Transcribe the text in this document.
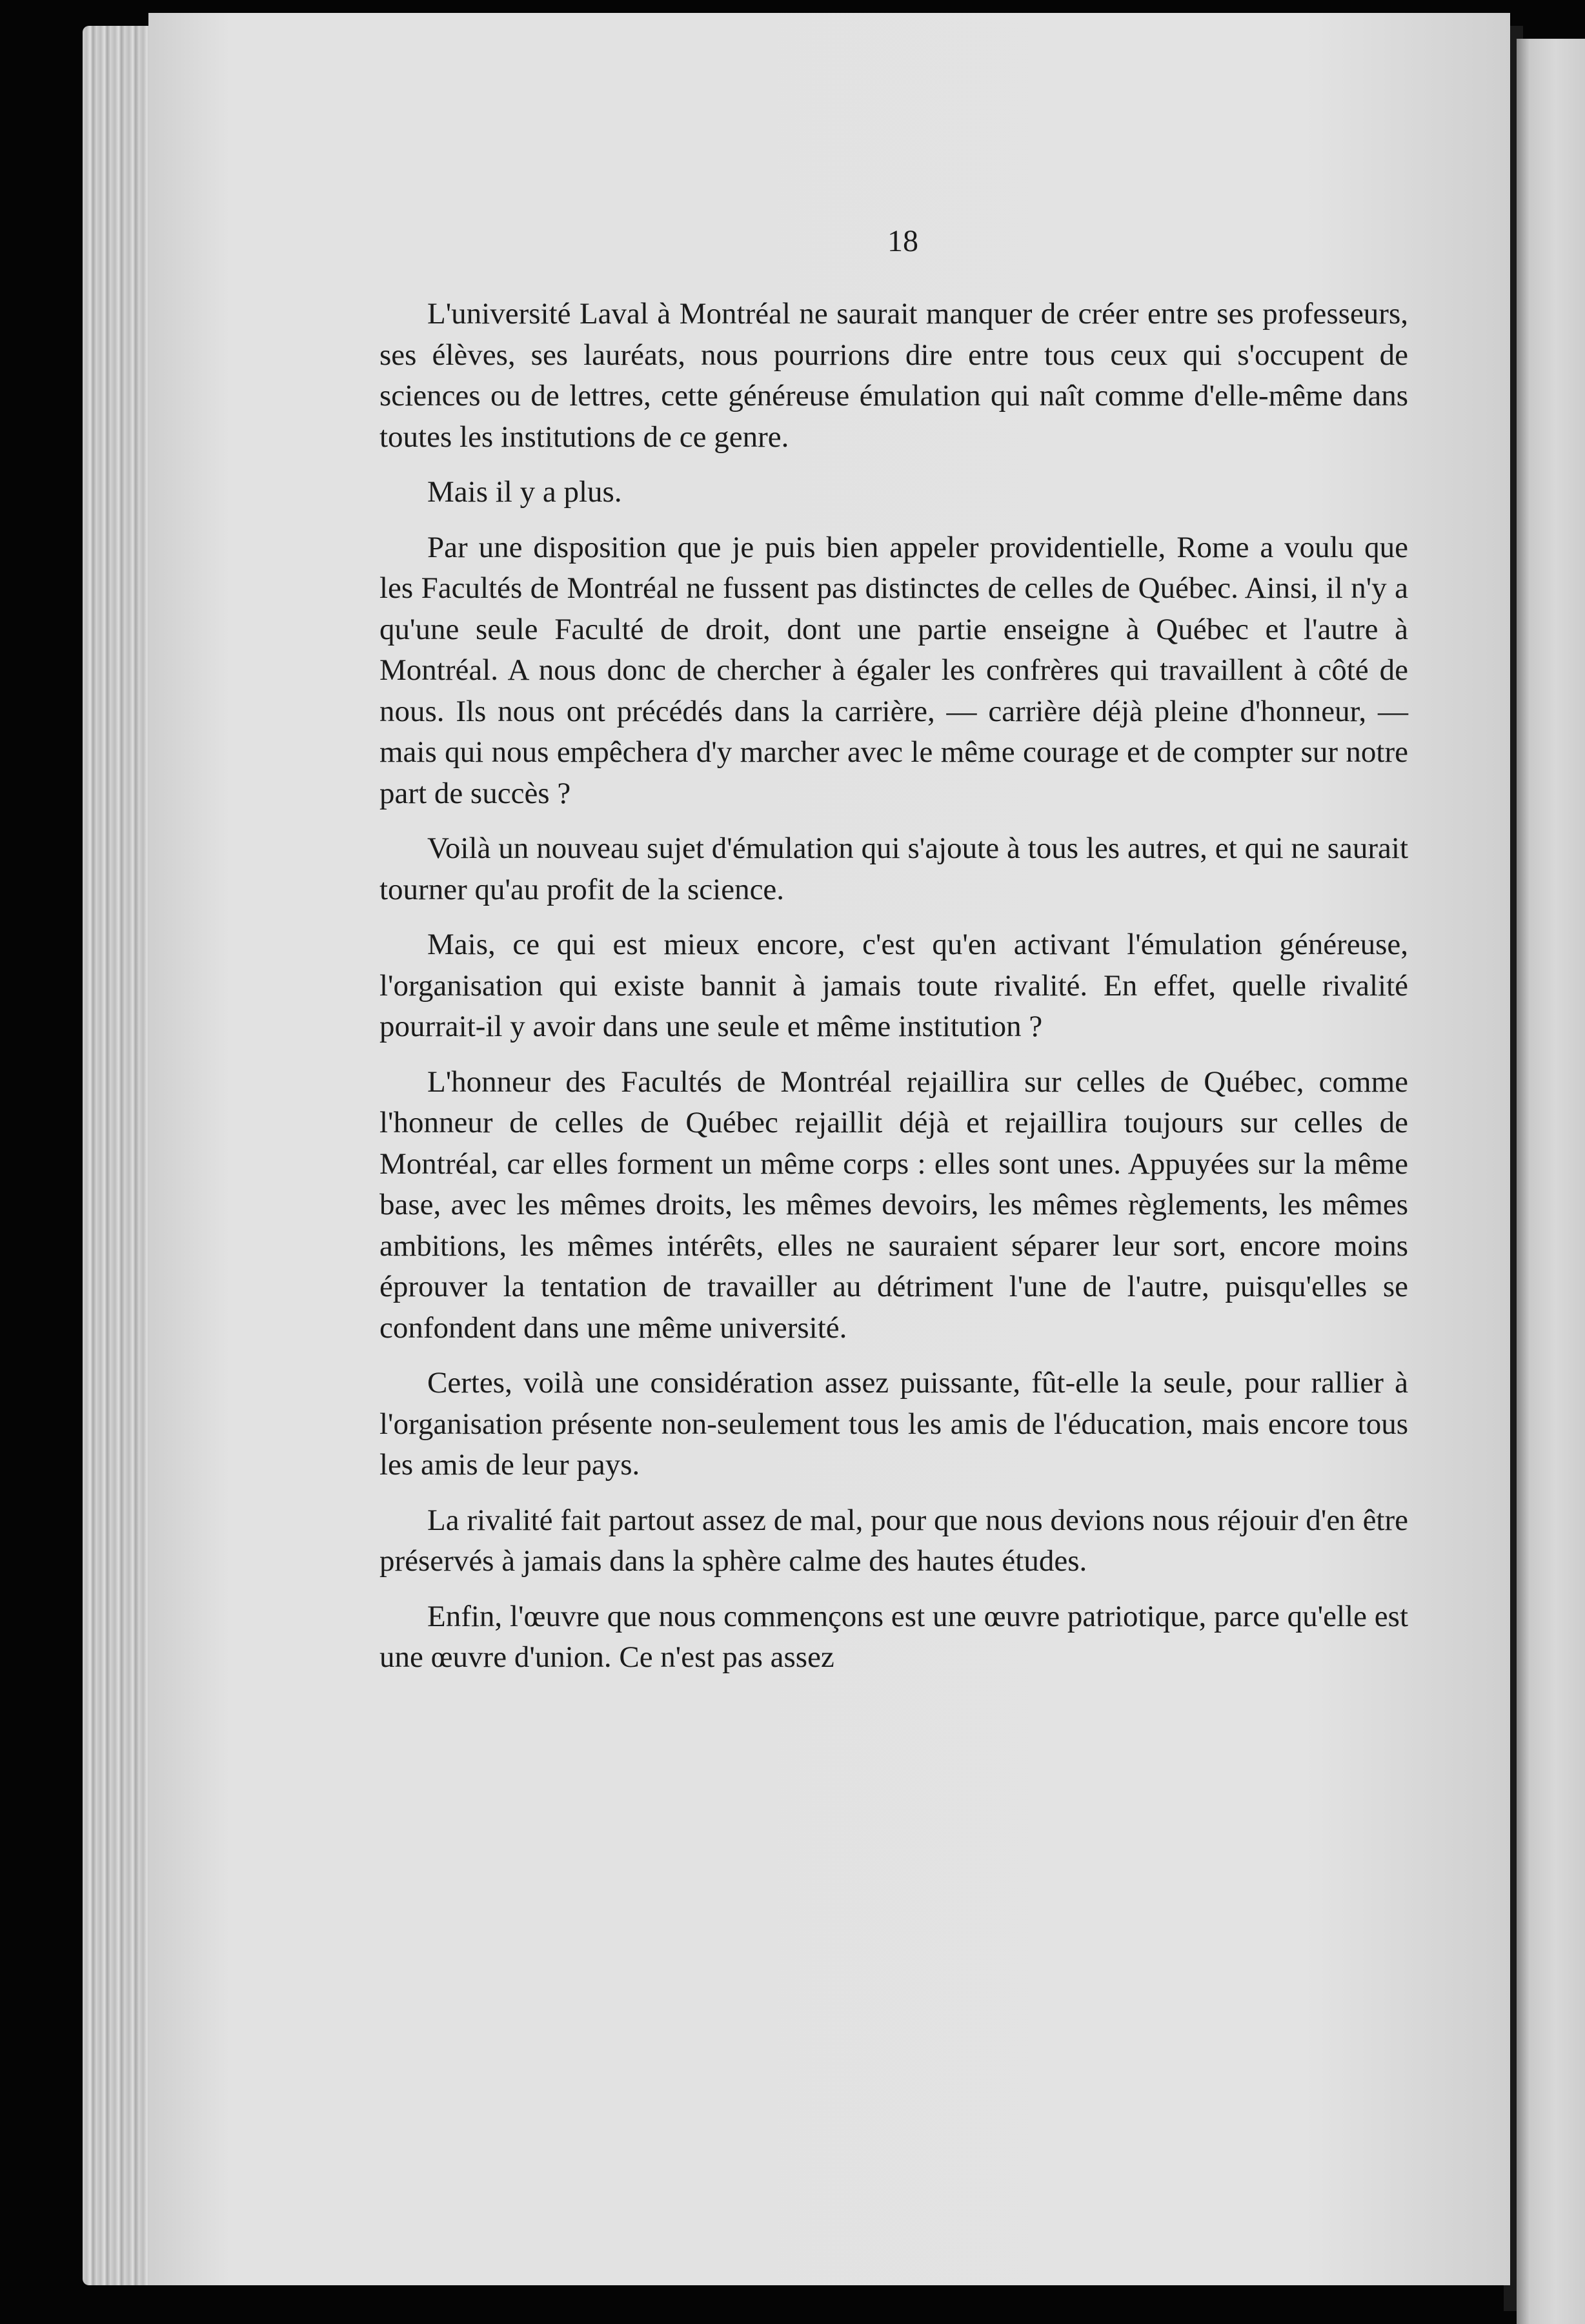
18

L'université Laval à Montréal ne saurait manquer de créer entre ses professeurs, ses élèves, ses lauréats, nous pourrions dire entre tous ceux qui s'occupent de sciences ou de lettres, cette généreuse émulation qui naît comme d'elle-même dans toutes les institutions de ce genre.

Mais il y a plus.

Par une disposition que je puis bien appeler providentielle, Rome a voulu que les Facultés de Montréal ne fussent pas distinctes de celles de Québec. Ainsi, il n'y a qu'une seule Faculté de droit, dont une partie enseigne à Québec et l'autre à Montréal. A nous donc de chercher à égaler les confrères qui travaillent à côté de nous. Ils nous ont précédés dans la carrière, — carrière déjà pleine d'honneur, — mais qui nous empêchera d'y marcher avec le même courage et de compter sur notre part de succès ?

Voilà un nouveau sujet d'émulation qui s'ajoute à tous les autres, et qui ne saurait tourner qu'au profit de la science.

Mais, ce qui est mieux encore, c'est qu'en activant l'émulation généreuse, l'organisation qui existe bannit à jamais toute rivalité. En effet, quelle rivalité pourrait-il y avoir dans une seule et même institution ?

L'honneur des Facultés de Montréal rejaillira sur celles de Québec, comme l'honneur de celles de Québec rejaillit déjà et rejaillira toujours sur celles de Montréal, car elles forment un même corps : elles sont unes. Appuyées sur la même base, avec les mêmes droits, les mêmes devoirs, les mêmes règlements, les mêmes ambitions, les mêmes intérêts, elles ne sauraient séparer leur sort, encore moins éprouver la tentation de travailler au détriment l'une de l'autre, puisqu'elles se confondent dans une même université.

Certes, voilà une considération assez puissante, fût-elle la seule, pour rallier à l'organisation présente non-seulement tous les amis de l'éducation, mais encore tous les amis de leur pays.

La rivalité fait partout assez de mal, pour que nous devions nous réjouir d'en être préservés à jamais dans la sphère calme des hautes études.

Enfin, l'œuvre que nous commençons est une œuvre patriotique, parce qu'elle est une œuvre d'union. Ce n'est pas assez
